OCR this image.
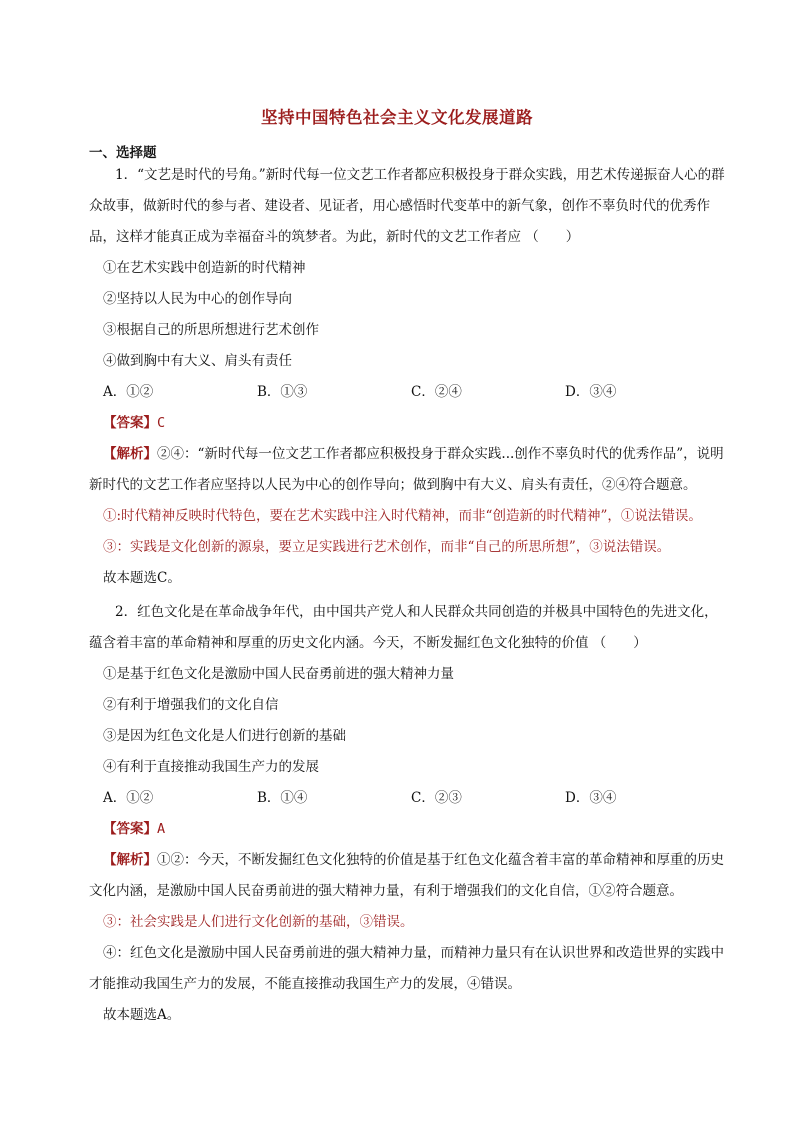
坚持中国特色社会主义文化发展道路
一、选择题

1．“文艺是时代的号角。”新时代每一位文艺工作者都应积极投身于群众实践，用艺术传递振奋人心的群众故事，做新时代的参与者、建设者、见证者，用心感悟时代变革中的新气象，创作不辜负时代的优秀作品，这样才能真正成为幸福奋斗的筑梦者。为此，新时代的文艺工作者应 （　　）

①在艺术实践中创造新的时代精神

②坚持以人民为中心的创作导向

③根据自己的所思所想进行艺术创作

④做到胸中有大义、肩头有责任

A．①②	B．①③	C．②④	D．③④

【答案】C

【解析】②④：“新时代每一位文艺工作者都应积极投身于群众实践...创作不辜负时代的优秀作品”，说明新时代的文艺工作者应坚持以人民为中心的创作导向；做到胸中有大义、肩头有责任，②④符合题意。

①:时代精神反映时代特色，要在艺术实践中注入时代精神，而非“创造新的时代精神”，①说法错误。

③：实践是文化创新的源泉，要立足实践进行艺术创作，而非“自己的所思所想”，③说法错误。

故本题选C。

2．红色文化是在革命战争年代，由中国共产党人和人民群众共同创造的并极具中国特色的先进文化，蕴含着丰富的革命精神和厚重的历史文化内涵。今天，不断发掘红色文化独特的价值 （　　）

①是基于红色文化是激励中国人民奋勇前进的强大精神力量

②有利于增强我们的文化自信

③是因为红色文化是人们进行创新的基础

④有利于直接推动我国生产力的发展

A．①②	B．①④	C．②③	D．③④

【答案】A

【解析】①②：今天，不断发掘红色文化独特的价值是基于红色文化蕴含着丰富的革命精神和厚重的历史文化内涵，是激励中国人民奋勇前进的强大精神力量，有利于增强我们的文化自信，①②符合题意。

③：社会实践是人们进行文化创新的基础，③错误。

④：红色文化是激励中国人民奋勇前进的强大精神力量，而精神力量只有在认识世界和改造世界的实践中才能推动我国生产力的发展，不能直接推动我国生产力的发展，④错误。

故本题选A。
